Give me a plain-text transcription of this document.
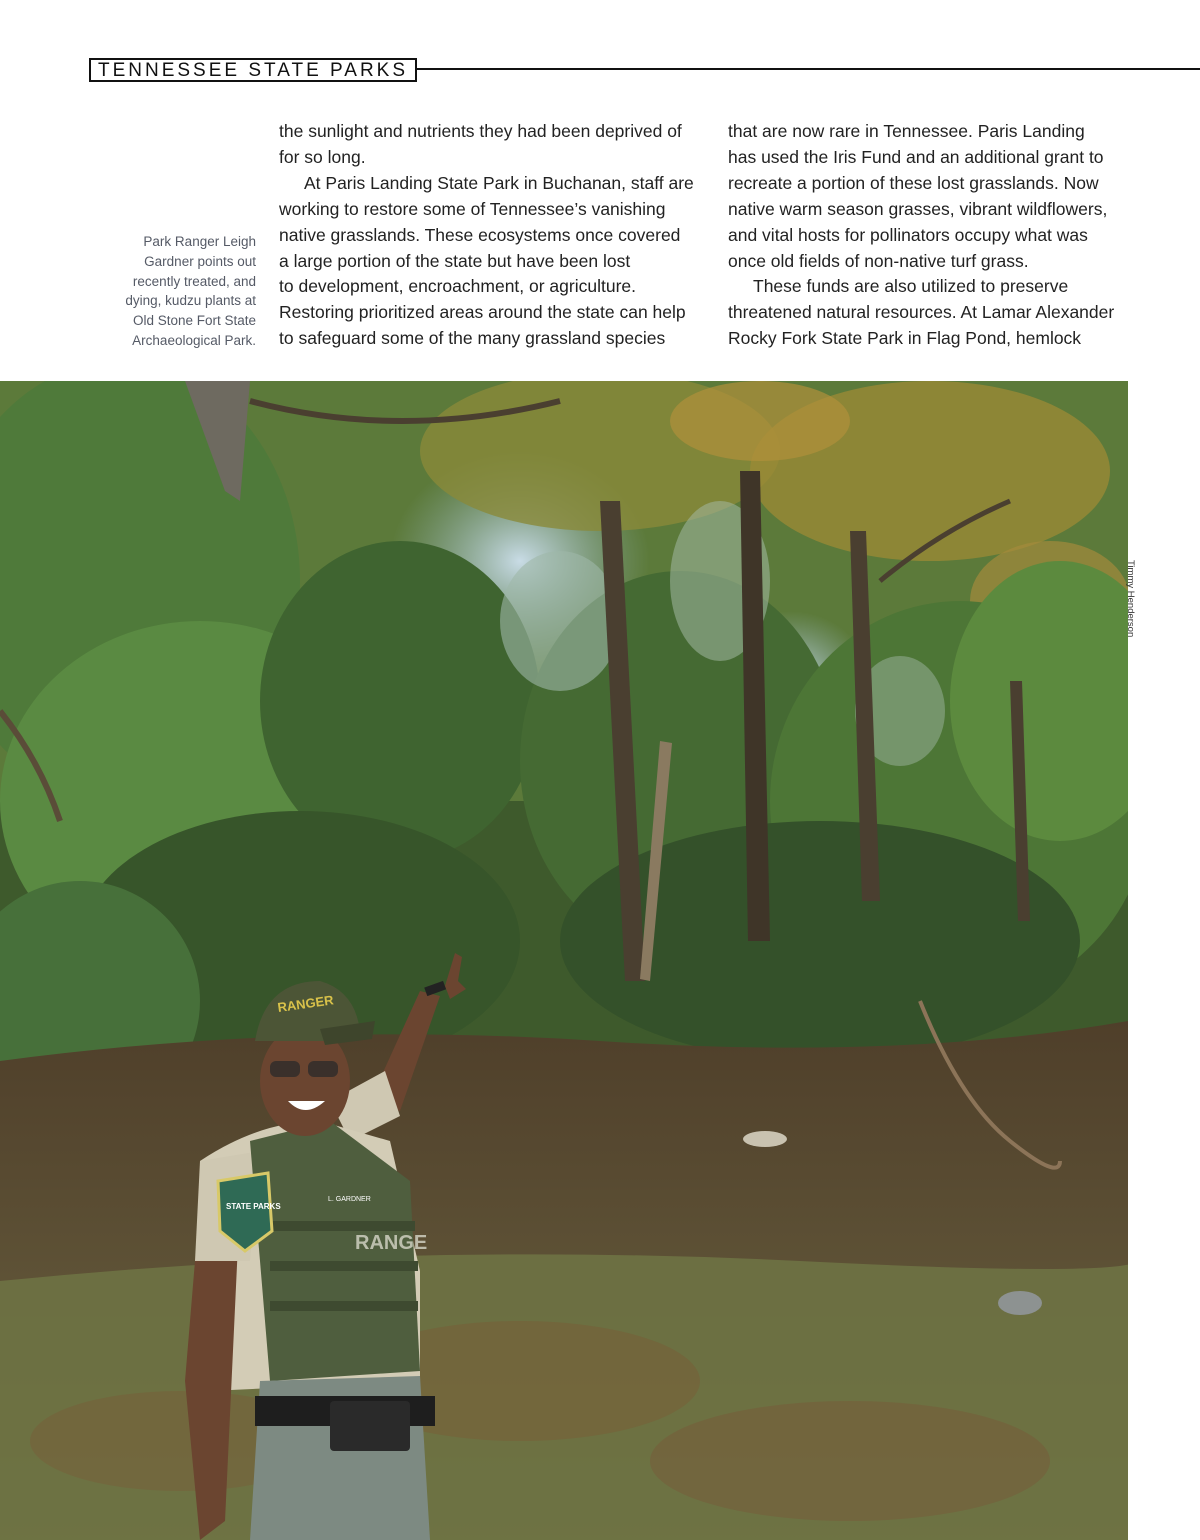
TENNESSEE STATE PARKS
Park Ranger Leigh
Gardner points out
recently treated, and
dying, kudzu plants at
Old Stone Fort State
Archaeological Park.
the sunlight and nutrients they had been deprived of
for so long.
At Paris Landing State Park in Buchanan, staff are
working to restore some of Tennessee’s vanishing
native grasslands. These ecosystems once covered
a large portion of the state but have been lost
to development, encroachment, or agriculture.
Restoring prioritized areas around the state can help
to safeguard some of the many grassland species
that are now rare in Tennessee. Paris Landing
has used the Iris Fund and an additional grant to
recreate a portion of these lost grasslands. Now
native warm season grasses, vibrant wildflowers,
and vital hosts for pollinators occupy what was
once old fields of non-native turf grass.
These funds are also utilized to preserve
threatened natural resources. At Lamar Alexander
Rocky Fork State Park in Flag Pond, hemlock
RANGER
STATE PARKS
L. GARDNER
RANGE
Timmy Henderson
